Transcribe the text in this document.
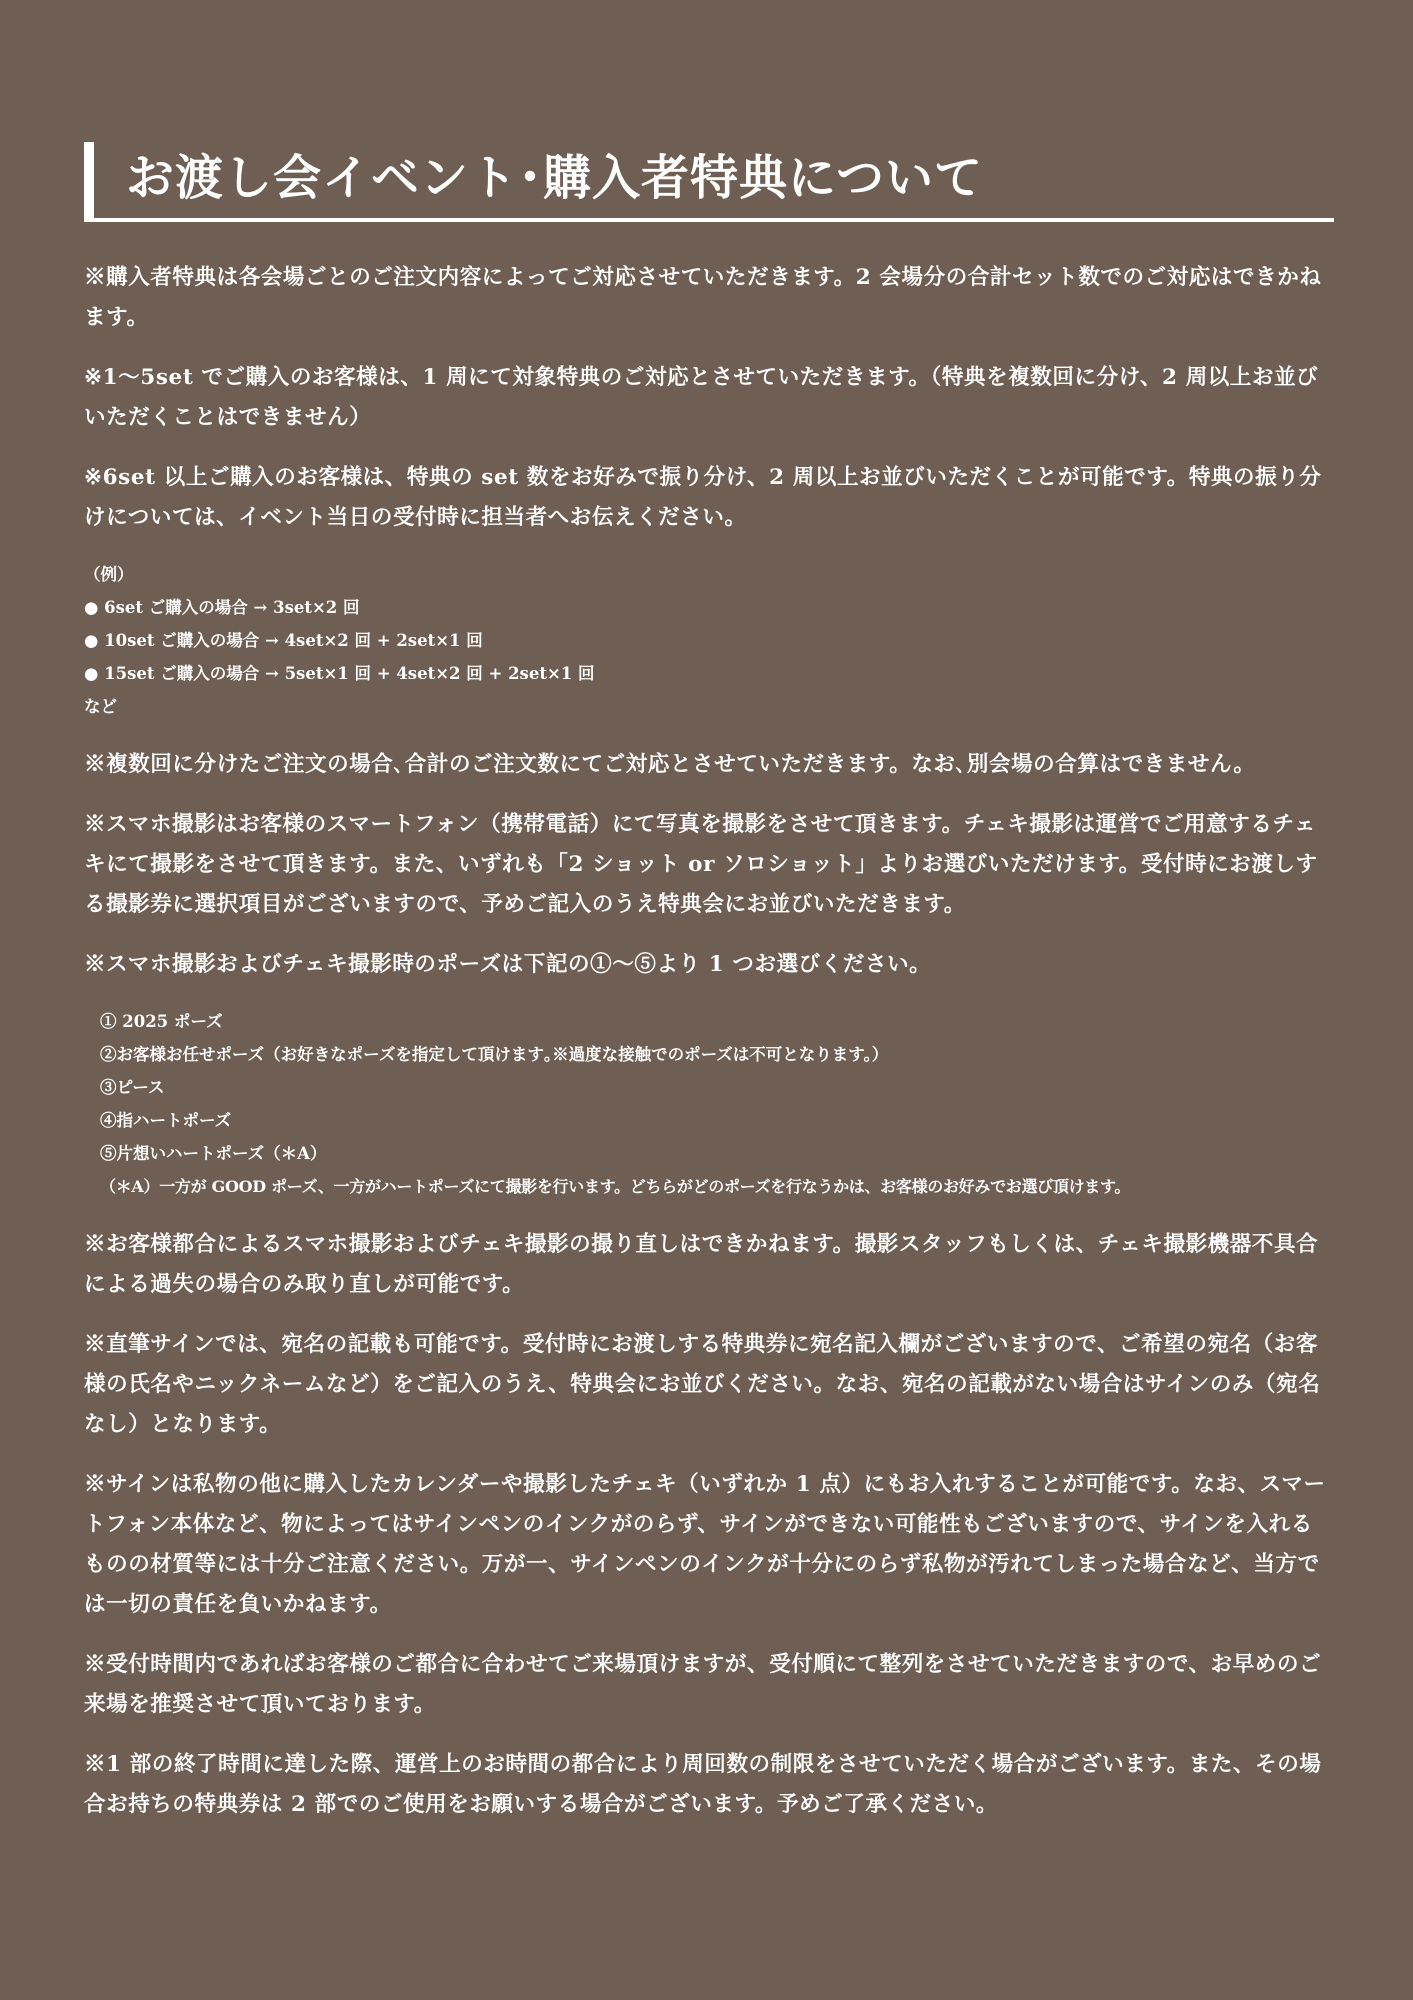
お渡し会イベント･購入者特典について

※購入者特典は各会場ごとのご注文内容によってご対応させていただきます。2 会場分の合計セット数でのご対応はできかねます。

※1～5set でご購入のお客様は、1 周にて対象特典のご対応とさせていただきます。（特典を複数回に分け、2 周以上お並びいただくことはできません）

※6set 以上ご購入のお客様は、特典の set 数をお好みで振り分け、2 周以上お並びいただくことが可能です。特典の振り分けについては、イベント当日の受付時に担当者へお伝えください。

（例）
● 6set ご購入の場合 → 3set×2 回
● 10set ご購入の場合 → 4set×2 回 + 2set×1 回
● 15set ご購入の場合 → 5set×1 回 + 4set×2 回 + 2set×1 回
など

※複数回に分けたご注文の場合､合計のご注文数にてご対応とさせていただきます。なお､別会場の合算はできません。

※スマホ撮影はお客様のスマートフォン（携帯電話）にて写真を撮影をさせて頂きます。チェキ撮影は運営でご用意するチェキにて撮影をさせて頂きます。また、いずれも「2 ショット or ソロショット」よりお選びいただけます。受付時にお渡しする撮影券に選択項目がございますので、予めご記入のうえ特典会にお並びいただきます。

※スマホ撮影およびチェキ撮影時のポーズは下記の①～⑤より 1 つお選びください。

① 2025 ポーズ
②お客様お任せポーズ（お好きなポーズを指定して頂けます｡※過度な接触でのポーズは不可となります。）
③ピース
④指ハートポーズ
⑤片想いハートポーズ（＊A）
（＊A）一方が GOOD ポーズ、一方がハートポーズにて撮影を行います。どちらがどのポーズを行なうかは、お客様のお好みでお選び頂けます。

※お客様都合によるスマホ撮影およびチェキ撮影の撮り直しはできかねます。撮影スタッフもしくは、チェキ撮影機器不具合による過失の場合のみ取り直しが可能です。

※直筆サインでは、宛名の記載も可能です。受付時にお渡しする特典券に宛名記入欄がございますので、ご希望の宛名（お客様の氏名やニックネームなど）をご記入のうえ、特典会にお並びください。なお、宛名の記載がない場合はサインのみ（宛名なし）となります。

※サインは私物の他に購入したカレンダーや撮影したチェキ（いずれか 1 点）にもお入れすることが可能です。なお、スマートフォン本体など、物によってはサインペンのインクがのらず、サインができない可能性もございますので、サインを入れるものの材質等には十分ご注意ください。万が一、サインペンのインクが十分にのらず私物が汚れてしまった場合など、当方では一切の責任を負いかねます。

※受付時間内であればお客様のご都合に合わせてご来場頂けますが、受付順にて整列をさせていただきますので、お早めのご来場を推奨させて頂いております。

※1 部の終了時間に達した際、運営上のお時間の都合により周回数の制限をさせていただく場合がございます。また、その場合お持ちの特典券は 2 部でのご使用をお願いする場合がございます。予めご了承ください。
